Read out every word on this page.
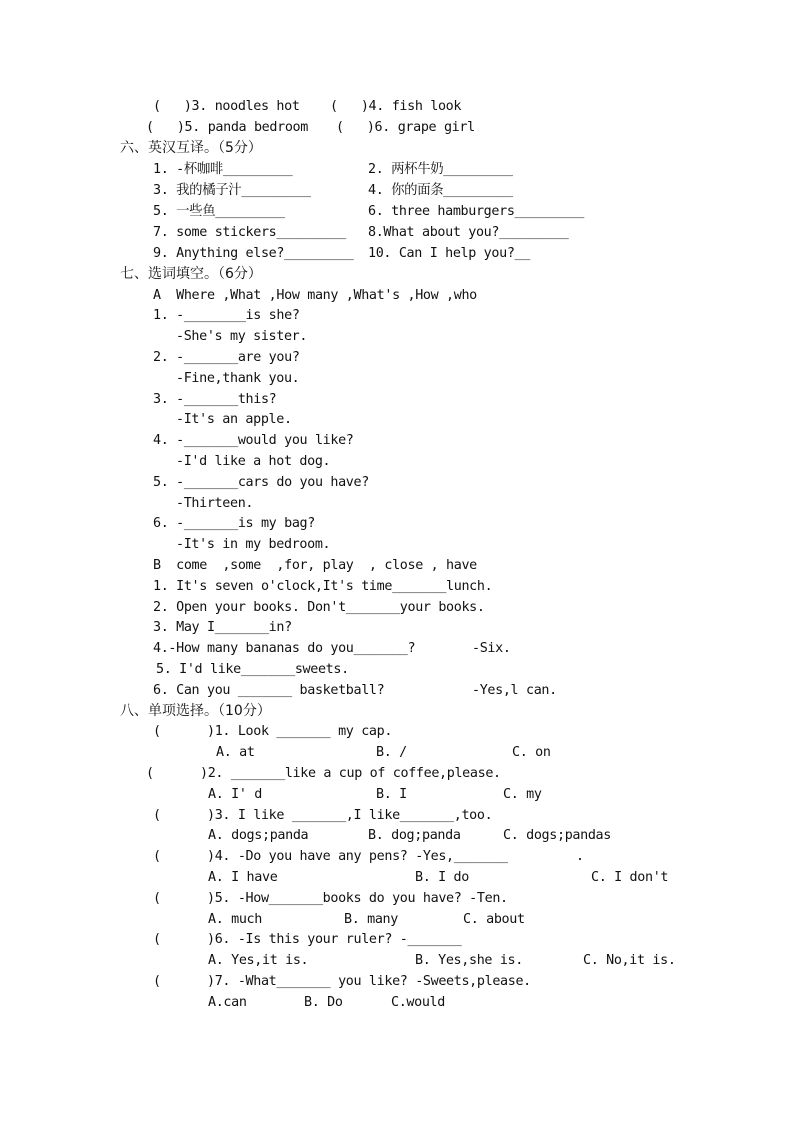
(   )3. noodles hot (   )4. fish look
(   )5. panda bedroom (   )6. grape girl
六、英汉互译。（5分）
1. -杯咖啡_________	2. 两杯牛奶_________
3. 我的橘子汁_________	4. 你的面条_________
5. 一些鱼_________	6. three hamburgers_________
7. some stickers_________ 8.What about you?_________
9. Anything else?_________ 10. Can I help you?__
七、选词填空。（6分）
A  Where ,What ,How many ,What's ,How ,who
1. -________is she?
-She's my sister.
2. -_______are you?
-Fine,thank you.
3. -_______this?
-It's an apple.
4. -_______would you like?
-I'd like a hot dog.
5. -_______cars do you have?
-Thirteen.
6. -_______is my bag?
-It's in my bedroom.
B  come  ,some  ,for, play  , close , have
1. It's seven o'clock,It's time_______lunch.
2. Open your books. Don't_______your books.
3. May I_______in?
4.-How many bananas do you_______?	-Six.
5. I'd like_______sweets.
6. Can you _______ basketball?	-Yes,l can.
八、单项选择。（10分）
(      )1. Look _______ my cap.
A. at	B. /	C. on
(      )2. _______like a cup of coffee,please.
A. I' d	B. I	C. my
(      )3. I like _______,I like_______,too.
A. dogs;panda	B. dog;panda	C. dogs;pandas
(      )4. -Do you have any pens? -Yes,_______	.
A. I have	B. I do	C. I don't
(      )5. -How_______books do you have? -Ten.
A. much	B. many	C. about
(      )6. -Is this your ruler? -_______
A. Yes,it is.	B. Yes,she is.	C. No,it is.
(      )7. -What_______ you like? -Sweets,please.
A.can	B. Do	C.would
